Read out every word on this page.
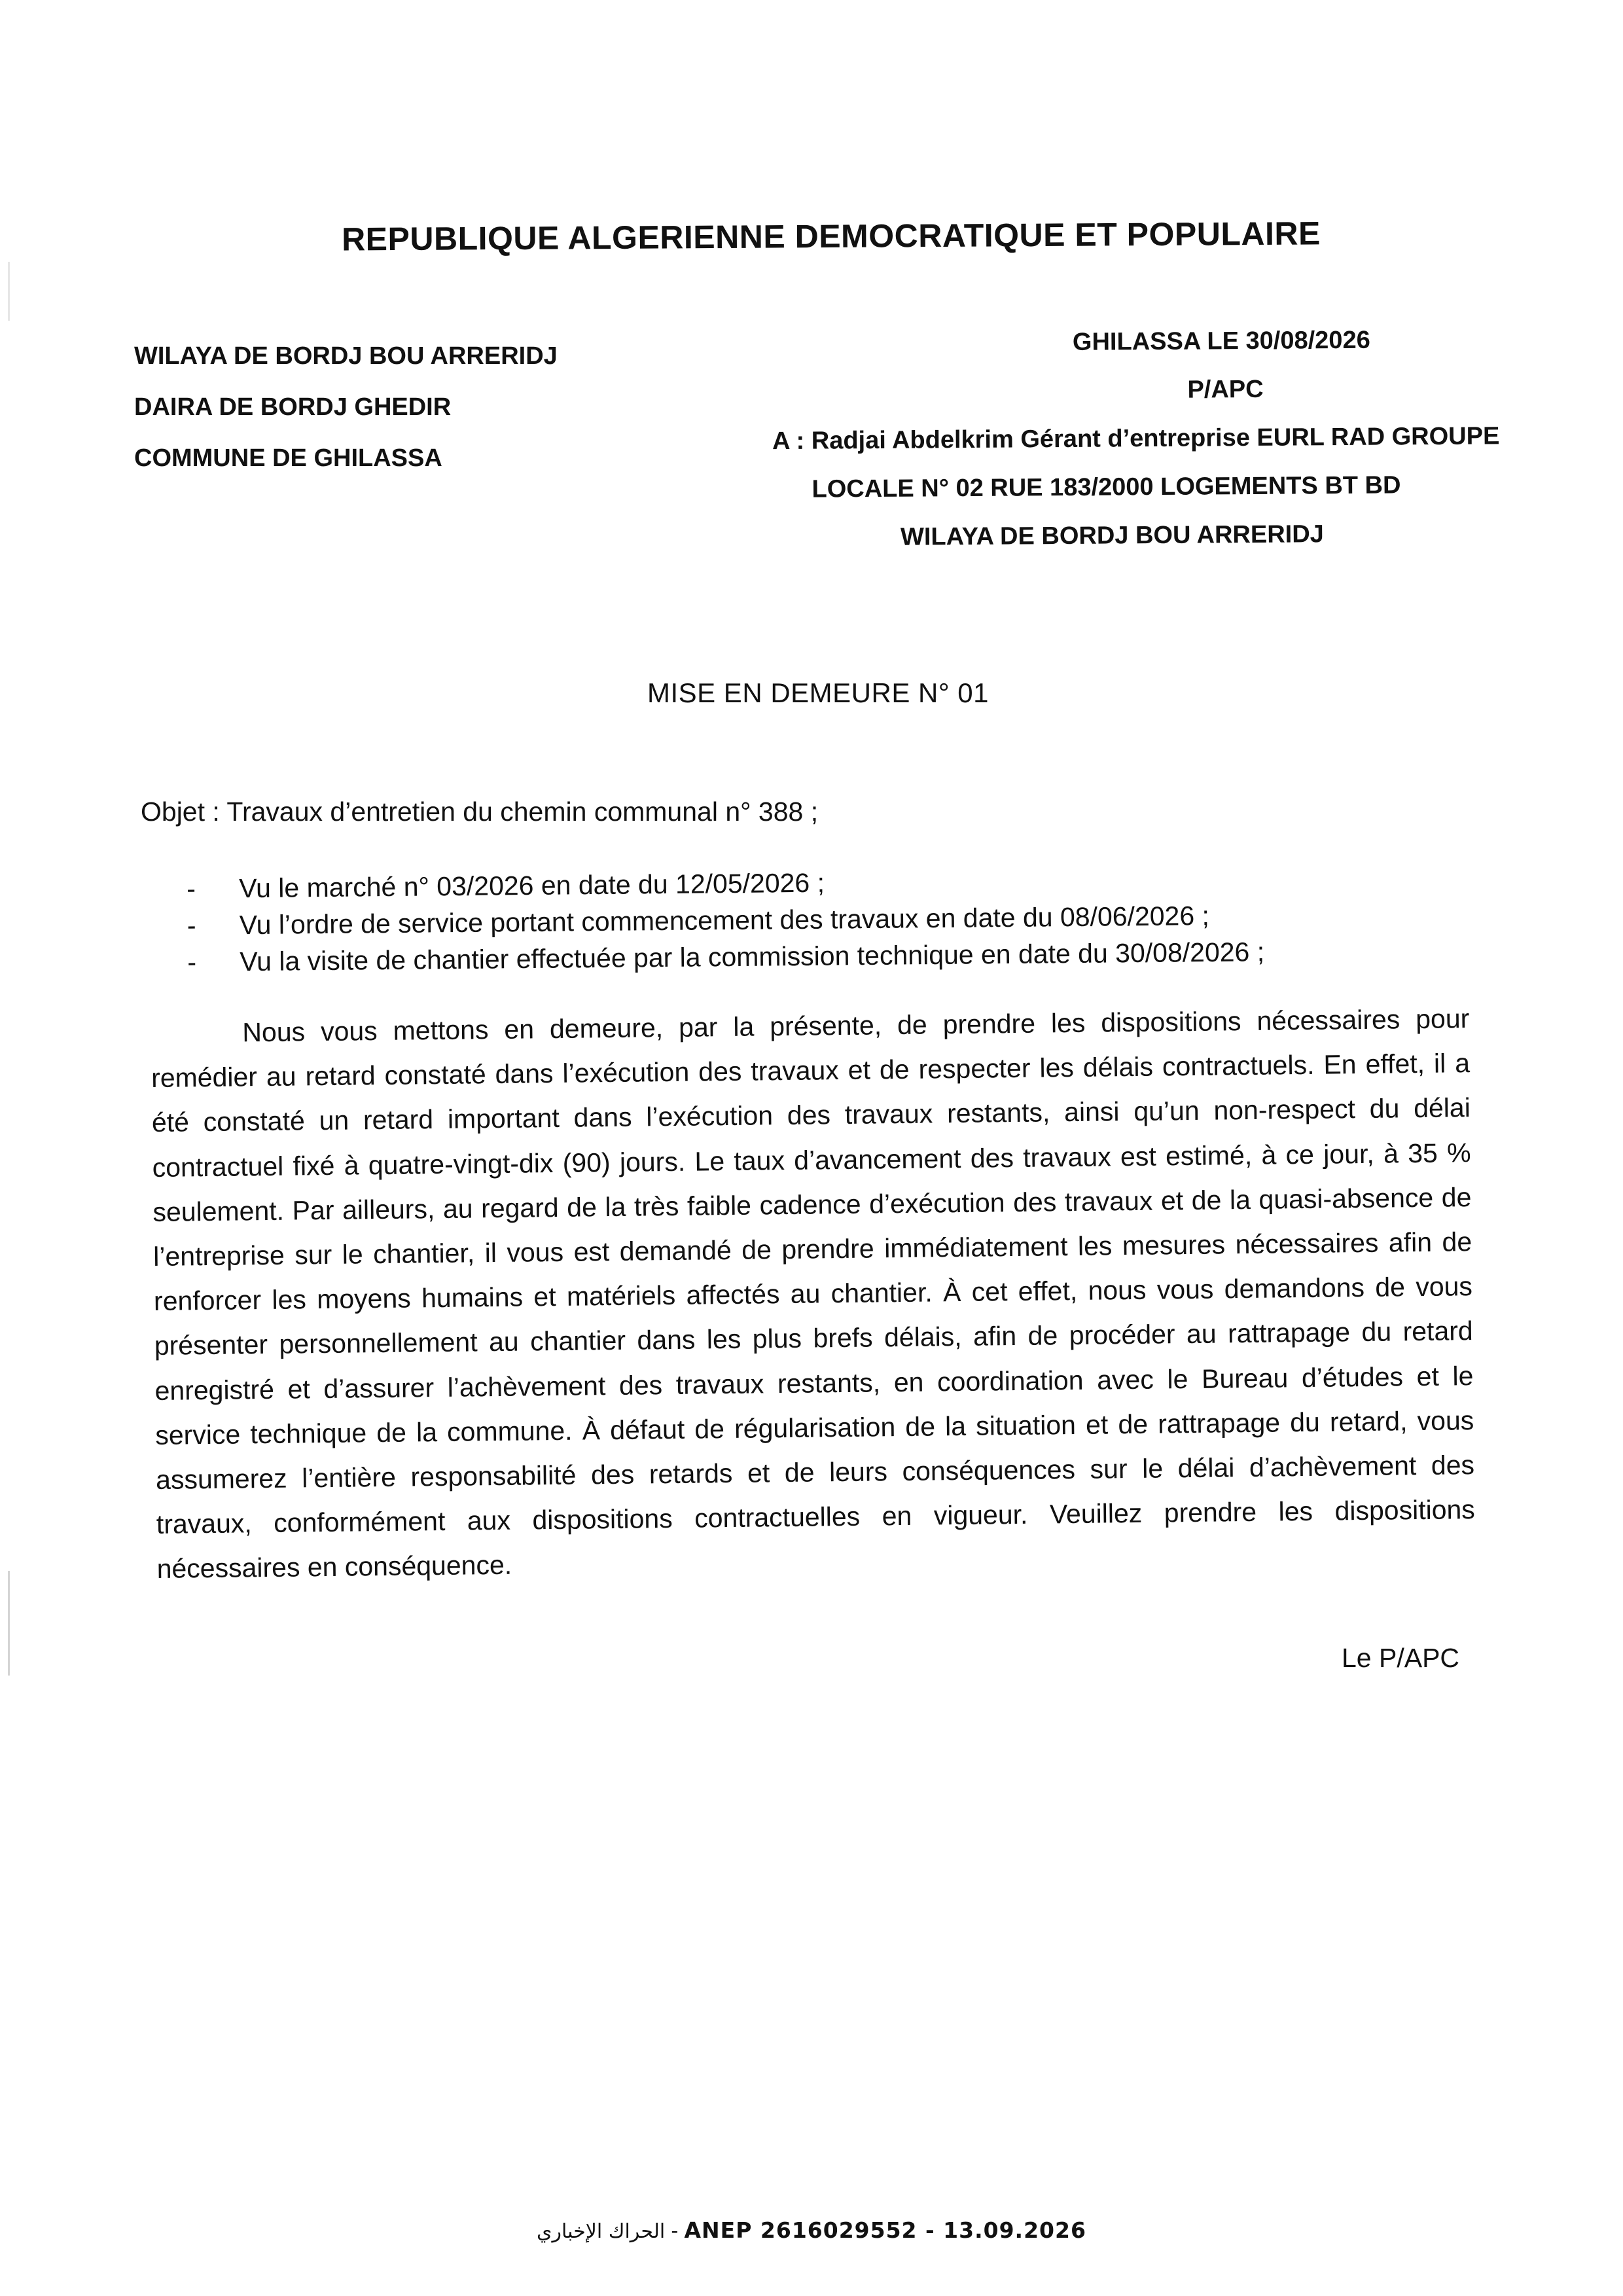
REPUBLIQUE ALGERIENNE DEMOCRATIQUE ET POPULAIRE
WILAYA DE BORDJ BOU ARRERIDJ
DAIRA DE BORDJ GHEDIR
COMMUNE DE GHILASSA
GHILASSA LE 30/08/2026
P/APC
A : Radjai Abdelkrim Gérant d’entreprise EURL RAD GROUPE
LOCALE N° 02 RUE 183/2000 LOGEMENTS BT BD
WILAYA DE BORDJ BOU ARRERIDJ
MISE EN DEMEURE N° 01
Objet : Travaux d’entretien du chemin communal n° 388 ;
-	Vu le marché n° 03/2026 en date du 12/05/2026 ;
-	Vu l’ordre de service portant commencement des travaux en date du 08/06/2026 ;
-	Vu la visite de chantier effectuée par la commission technique en date du 30/08/2026 ;

Nous vous mettons en demeure, par la présente, de prendre les dispositions nécessaires pour remédier au retard constaté dans l’exécution des travaux et de respecter les délais contractuels. En effet, il a été constaté un retard important dans l’exécution des travaux restants, ainsi qu’un non-respect du délai contractuel fixé à quatre-vingt-dix (90) jours. Le taux d’avancement des travaux est estimé, à ce jour, à 35 % seulement. Par ailleurs, au regard de la très faible cadence d’exécution des travaux et de la quasi-absence de l’entreprise sur le chantier, il vous est demandé de prendre immédiatement les mesures nécessaires afin de renforcer les moyens humains et matériels affectés au chantier. À cet effet, nous vous demandons de vous présenter personnellement au chantier dans les plus brefs délais, afin de procéder au rattrapage du retard enregistré et d’assurer l’achèvement des travaux restants, en coordination avec le Bureau d’études et le service technique de la commune. À défaut de régularisation de la situation et de rattrapage du retard, vous assumerez l’entière responsabilité des retards et de leurs conséquences sur le délai d’achèvement des travaux, conformément aux dispositions contractuelles en vigueur. Veuillez prendre les dispositions nécessaires en conséquence.

Le P/APC
الحراك الإخباري - ANEP 2616029552 - 13.09.2026
